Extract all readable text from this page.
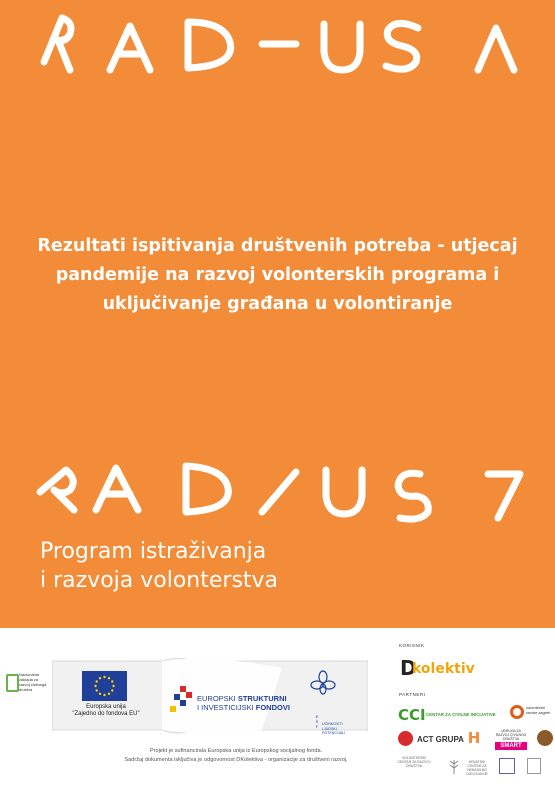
Rezultati ispitivanja društvenih potreba - utjecaj
pandemije na razvoj volonterskih programa i
uključivanje građana u volontiranje
Program istraživanja
i razvoja volonterstva
Nacionalna zaklada za razvoj civilnoga društva
Europska unija
"Zajedno do fondova EU"
EUROPSKI STRUKTURNI
I INVESTICIJSKI FONDOVI
E S F	UČINKOVITI LJUDSKI POTENCIJALI
Projekt je sufinancirala Europska unija iz Europskog socijalnog fonda.
Sadržaj dokumenta isključiva je odgovornost DKolektiva - organizacije za društveni razvoj.
KORISNIK
D
kolektiv
PARTNERI
CCI CENTAR ZA CIVILNE INICIJATIVE
volonterski centar zagreb
ACT GRUPA H	UDRUGA ZA RAZVOJ CIVILNOG DRUŠTVA
SMART
VOLONTERSKI CENTAR ZA RAZVOJ DRUŠTVA
HRVATSKI CENTAR ZA NENASILNO DJELOVANJE
